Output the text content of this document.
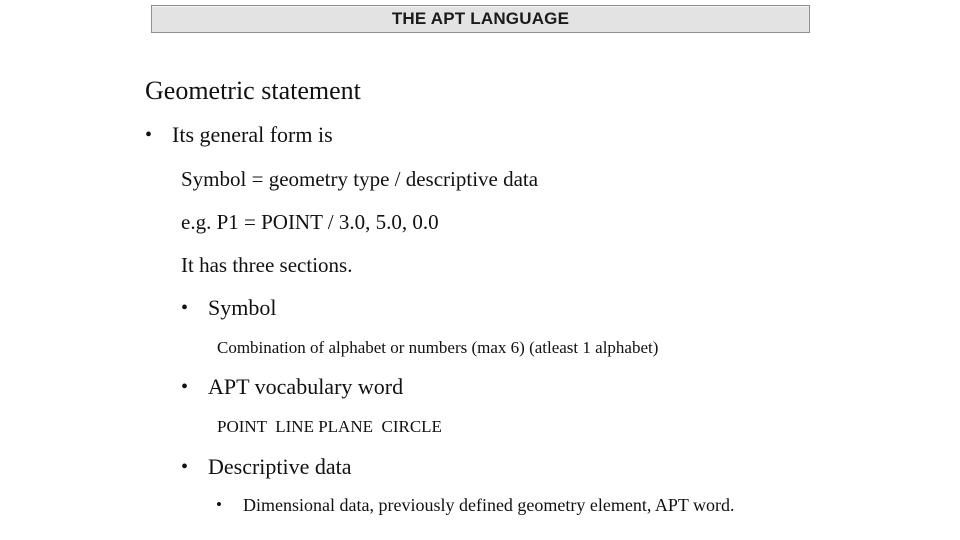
THE APT LANGUAGE
Geometric statement
• Its general form is
Symbol = geometry type / descriptive data
e.g. P1 = POINT / 3.0, 5.0, 0.0
It has three sections.
• Symbol
Combination of alphabet or numbers (max 6) (atleast 1 alphabet)
• APT vocabulary word
POINT  LINE PLANE  CIRCLE
• Descriptive data
• Dimensional data, previously defined geometry element, APT word.
